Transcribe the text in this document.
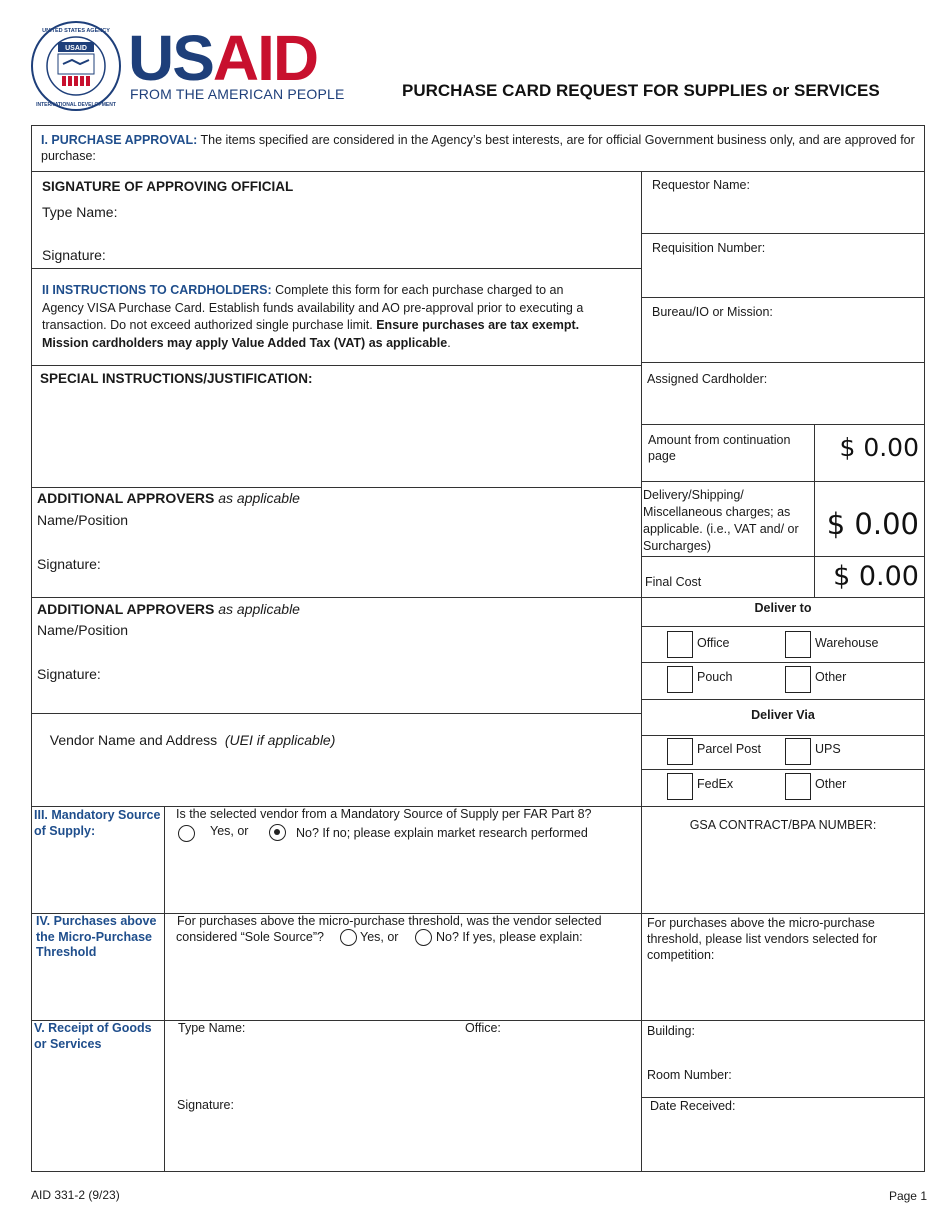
USAID
UNITED STATES AGENCY
INTERNATIONAL DEVELOPMENT
USAID
FROM THE AMERICAN PEOPLE	PURCHASE CARD REQUEST FOR SUPPLIES or SERVICES
I. PURCHASE APPROVAL: The items specified are considered in the Agency’s best interests, are for official Government business only, and are approved for purchase:
SIGNATURE OF APPROVING OFFICIAL
Type Name:
Signature:
II INSTRUCTIONS TO CARDHOLDERS: Complete this form for each purchase charged to an Agency VISA Purchase Card. Establish funds availability and AO pre-approval prior to executing a transaction. Do not exceed authorized single purchase limit. Ensure purchases are tax exempt. Mission cardholders may apply Value Added Tax (VAT) as applicable.
SPECIAL INSTRUCTIONS/JUSTIFICATION:
ADDITIONAL APPROVERS as applicable
Name/Position
Signature:
ADDITIONAL APPROVERS as applicable
Name/Position
Signature:

Vendor Name and Address  (UEI if applicable)

Requestor Name:
Requisition Number:
Bureau/IO or Mission:
Assigned Cardholder:
Amount from continuation page	$ 0.00
Delivery/Shipping/ Miscellaneous charges; as applicable. (i.e., VAT and/ or Surcharges)
$ 0.00
Final Cost	$ 0.00
Deliver to
Office	Warehouse
Pouch	Other
Deliver Via
Parcel Post	UPS
FedEx	Other
III. Mandatory Source of Supply:
Is the selected vendor from a Mandatory Source of Supply per FAR Part 8?
Yes, or	No? If no; please explain market research performed
GSA CONTRACT/BPA NUMBER:
IV. Purchases above the Micro-Purchase Threshold
For purchases above the micro-purchase threshold, was the vendor selected
considered “Sole Source”?	Yes, or	No? If yes, please explain:
For purchases above the micro-purchase threshold, please list vendors selected for competition:
V. Receipt of Goods or Services
Type Name:	Office:	Building:
Room Number:
Signature:	Date Received:
AID 331-2 (9/23)	Page 1
